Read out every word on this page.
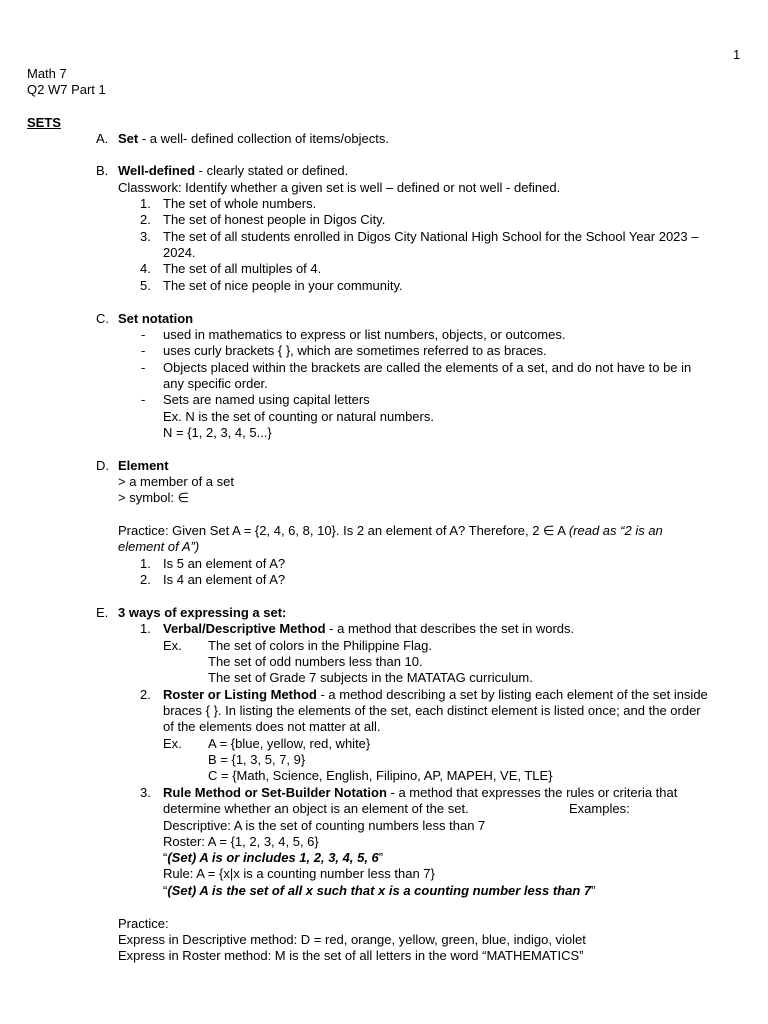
1
Math 7
Q2 W7 Part 1
SETS
A. Set - a well- defined collection of items/objects.
B. Well-defined - clearly stated or defined.
Classwork: Identify whether a given set is well – defined or not well - defined.
1. The set of whole numbers.
2. The set of honest people in Digos City.
3. The set of all students enrolled in Digos City National High School for the School Year 2023 –
2024.
4. The set of all multiples of 4.
5. The set of nice people in your community.
C. Set notation
- used in mathematics to express or list numbers, objects, or outcomes.
- uses curly brackets { }, which are sometimes referred to as braces.
- Objects placed within the brackets are called the elements of a set, and do not have to be in
any specific order.
- Sets are named using capital letters
Ex. N is the set of counting or natural numbers.
N = {1, 2, 3, 4, 5...}
D. Element
> a member of a set
> symbol: ∈
Practice: Given Set A = {2, 4, 6, 8, 10}. Is 2 an element of A? Therefore, 2 ∈ A (read as “2 is an
element of A”)
1. Is 5 an element of A?
2. Is 4 an element of A?
E. 3 ways of expressing a set:
1. Verbal/Descriptive Method - a method that describes the set in words.
Ex. The set of colors in the Philippine Flag.
The set of odd numbers less than 10.
The set of Grade 7 subjects in the MATATAG curriculum.
2. Roster or Listing Method - a method describing a set by listing each element of the set inside
braces { }. In listing the elements of the set, each distinct element is listed once; and the order
of the elements does not matter at all.
Ex. A = {blue, yellow, red, white}
B = {1, 3, 5, 7, 9}
C = {Math, Science, English, Filipino, AP, MAPEH, VE, TLE}
3. Rule Method or Set-Builder Notation - a method that expresses the rules or criteria that
determine whether an object is an element of the set.	Examples:
Descriptive: A is the set of counting numbers less than 7
Roster: A = {1, 2, 3, 4, 5, 6}
“(Set) A is or includes 1, 2, 3, 4, 5, 6”
Rule: A = {x|x is a counting number less than 7}
“(Set) A is the set of all x such that x is a counting number less than 7”
Practice:
Express in Descriptive method: D = red, orange, yellow, green, blue, indigo, violet
Express in Roster method: M is the set of all letters in the word “MATHEMATICS”
